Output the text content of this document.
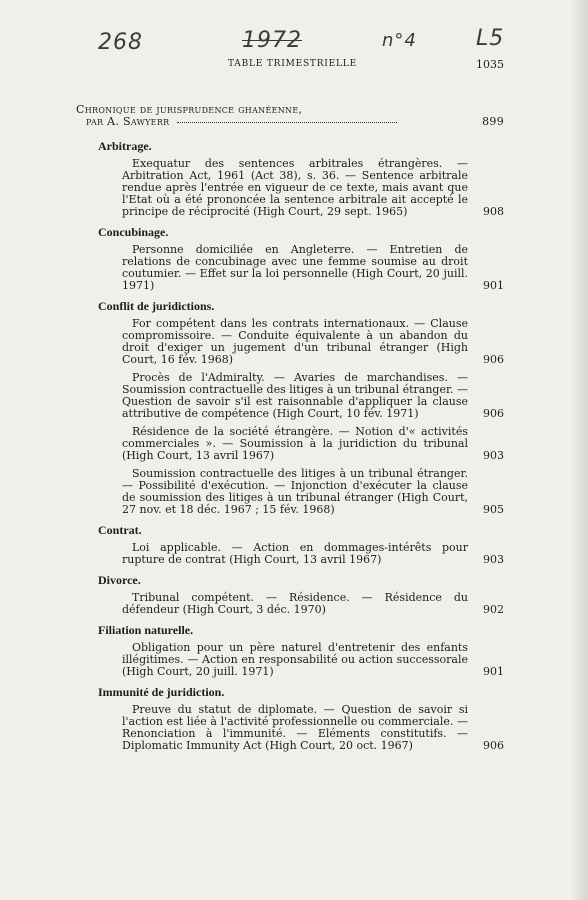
268	1972	n°4	L5
TABLE TRIMESTRIELLE	1035
Chronique de jurisprudence ghanéenne,
par A. Sawyerr	899
Arbitrage.
Exequatur des sentences arbitrales étrangères. — Arbitration Act, 1961 (Act 38), s. 36. — Sentence arbitrale rendue après l'entrée en vigueur de ce texte, mais avant que l'Etat où a été prononcée la sentence arbitrale ait accepté le principe de réciprocité (High Court, 29 sept. 1965)	908
Concubinage.
Personne domiciliée en Angleterre. — Entretien de relations de concubinage avec une femme soumise au droit coutumier. — Effet sur la loi personnelle (High Court, 20 juill. 1971)	901
Conflit de juridictions.
For compétent dans les contrats internationaux. — Clause compromissoire. — Conduite équivalente à un abandon du droit d'exiger un jugement d'un tribunal étranger (High Court, 16 fév. 1968)	906
Procès de l'Admiralty. — Avaries de marchandises. — Soumission contractuelle des litiges à un tribunal étranger. — Question de savoir s'il est raisonnable d'appliquer la clause attributive de compétence (High Court, 10 fév. 1971)	906
Résidence de la société étrangère. — Notion d'« activités commerciales ». — Soumission à la juridiction du tribunal (High Court, 13 avril 1967)	903
Soumission contractuelle des litiges à un tribunal étranger. — Possibilité d'exécution. — Injonction d'exécuter la clause de soumission des litiges à un tribunal étranger (High Court, 27 nov. et 18 déc. 1967 ; 15 fév. 1968)	905
Contrat.
Loi applicable. — Action en dommages-intérêts pour rupture de contrat (High Court, 13 avril 1967)	903
Divorce.
Tribunal compétent. — Résidence. — Résidence du défendeur (High Court, 3 déc. 1970)	902
Filiation naturelle.
Obligation pour un père naturel d'entretenir des enfants illégitimes. — Action en responsabilité ou action successorale (High Court, 20 juill. 1971)	901
Immunité de juridiction.
Preuve du statut de diplomate. — Question de savoir si l'action est liée à l'activité professionnelle ou commerciale. — Renonciation à l'immunité. — Eléments constitutifs. — Diplomatic Immunity Act (High Court, 20 oct. 1967)	906
